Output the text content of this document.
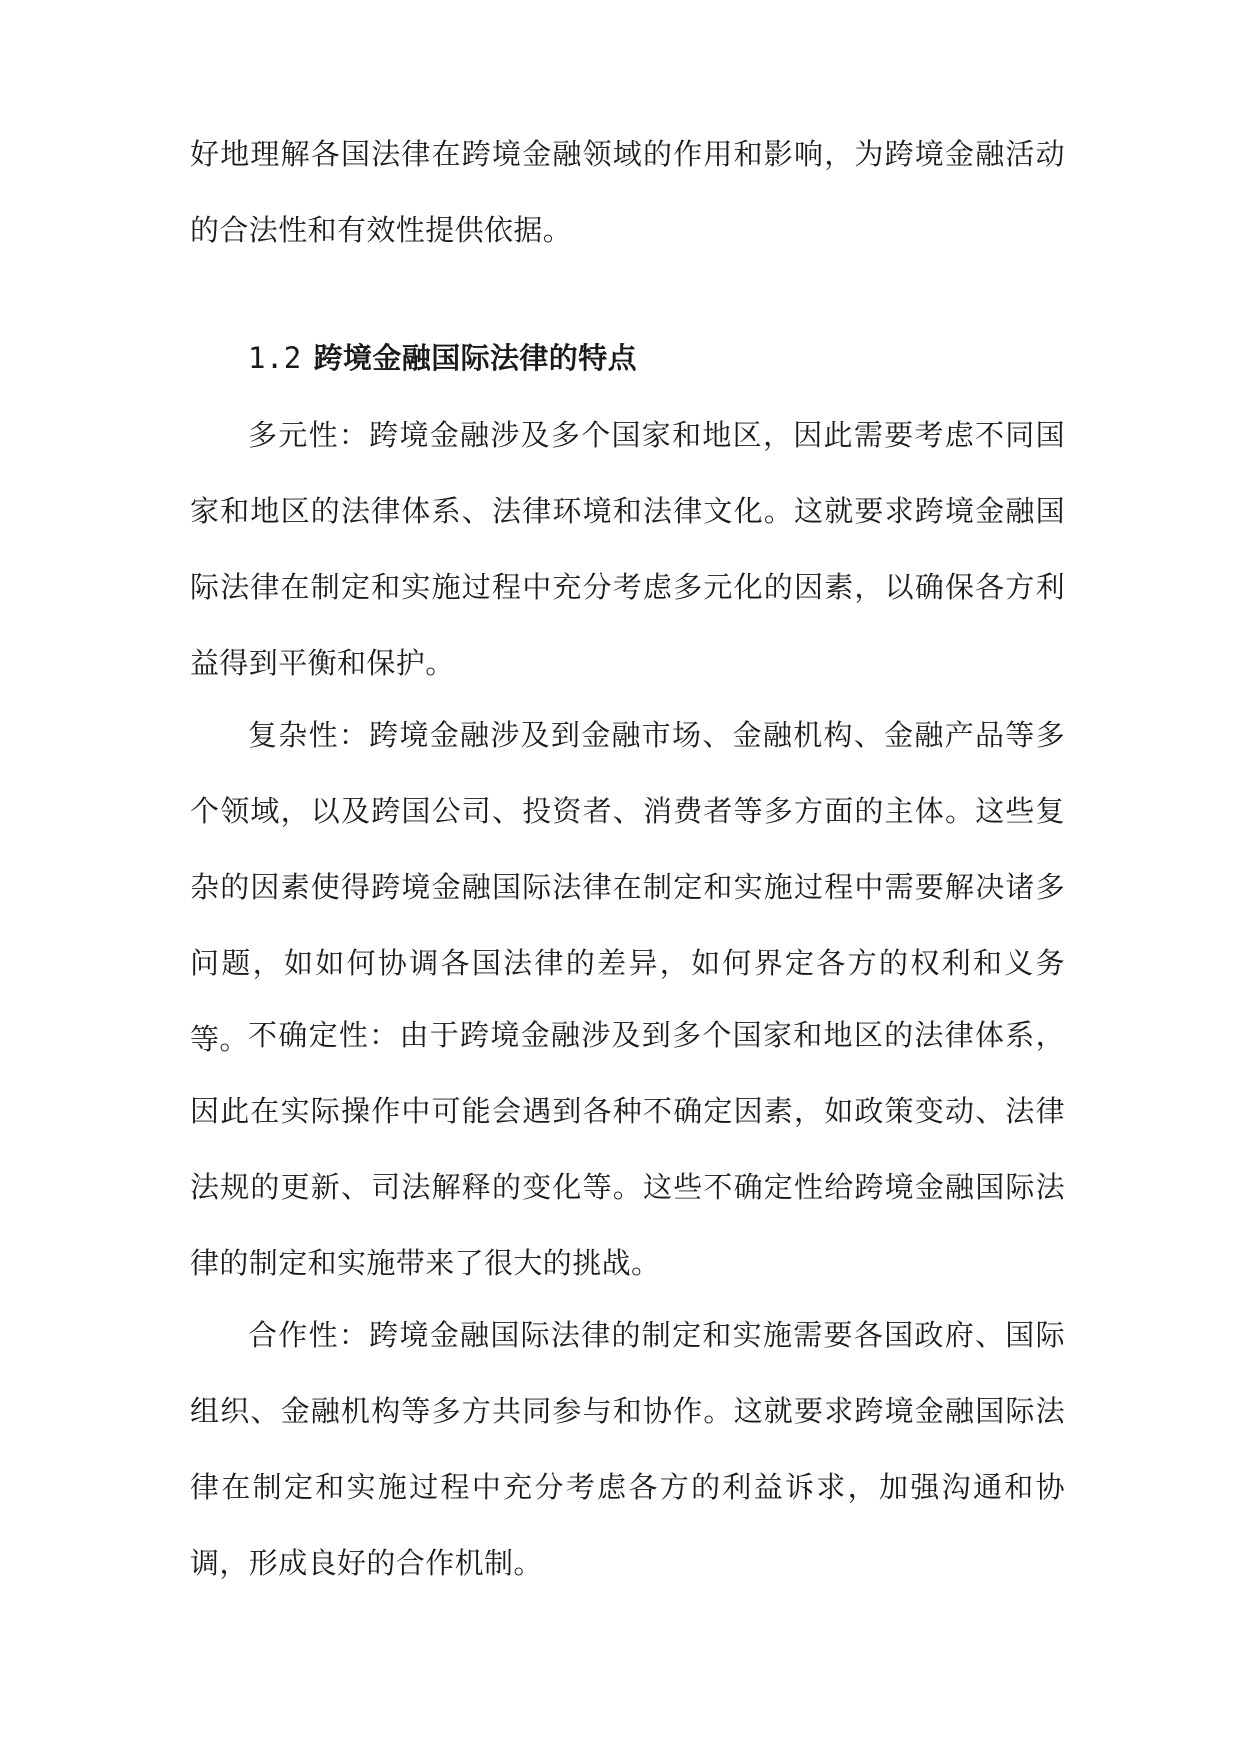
好地理解各国法律在跨境金融领域的作用和影响，为跨境金融活动的合法性和有效性提供依据。

1.2 跨境金融国际法律的特点

多元性：跨境金融涉及多个国家和地区，因此需要考虑不同国家和地区的法律体系、法律环境和法律文化。这就要求跨境金融国际法律在制定和实施过程中充分考虑多元化的因素，以确保各方利益得到平衡和保护。

复杂性：跨境金融涉及到金融市场、金融机构、金融产品等多个领域，以及跨国公司、投资者、消费者等多方面的主体。这些复杂的因素使得跨境金融国际法律在制定和实施过程中需要解决诸多问题，如如何协调各国法律的差异，如何界定各方的权利和义务等。 不确定性：由于跨境金融涉及到多个国家和地区的法律体系，因此在实际操作中可能会遇到各种不确定因素，如政策变动、法律法规的更新、司法解释的变化等。这些不确定性给跨境金融国际法律的制定和实施带来了很大的挑战。

合作性：跨境金融国际法律的制定和实施需要各国政府、国际组织、金融机构等多方共同参与和协作。这就要求跨境金融国际法律在制定和实施过程中充分考虑各方的利益诉求，加强沟通和协调，形成良好的合作机制。
